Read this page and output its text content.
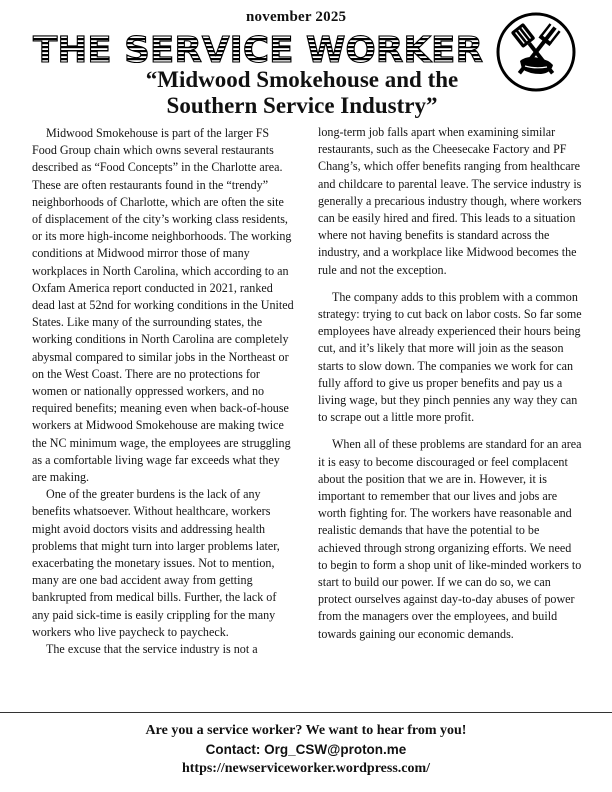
november 2025
THE SERVICE WORKER
“Midwood Smokehouse and the
Southern Service Industry”

Midwood Smokehouse is part of the larger FS Food Group chain which owns several restaurants described as “Food Concepts” in the Charlotte area. These are often restaurants found in the “trendy” neighborhoods of Charlotte, which are often the site of displacement of the city’s working class residents, or its more high-income neighborhoods. The working conditions at Midwood mirror those of many workplaces in North Carolina, which according to an Oxfam America report conducted in 2021, ranked dead last at 52nd for working conditions in the United States. Like many of the surrounding states, the working conditions in North Carolina are completely abysmal compared to similar jobs in the Northeast or on the West Coast. There are no protections for women or nationally oppressed workers, and no required benefits; meaning even when back-of-house workers at Midwood Smokehouse are making twice the NC minimum wage, the employees are struggling as a comfortable living wage far exceeds what they are making.

One of the greater burdens is the lack of any benefits whatsoever. Without healthcare, workers might avoid doctors visits and addressing health problems that might turn into larger problems later, exacerbating the monetary issues. Not to mention, many are one bad accident away from getting bankrupted from medical bills. Further, the lack of any paid sick-time is easily crippling for the many workers who live paycheck to paycheck.

The excuse that the service industry is not a

long-term job falls apart when examining similar restaurants, such as the Cheesecake Factory and PF Chang’s, which offer benefits ranging from healthcare and childcare to parental leave. The service industry is generally a precarious industry though, where workers can be easily hired and fired. This leads to a situation where not having benefits is standard across the industry, and a workplace like Midwood becomes the rule and not the exception.

The company adds to this problem with a common strategy: trying to cut back on labor costs. So far some employees have already experienced their hours being cut, and it’s likely that more will join as the season starts to slow down. The companies we work for can fully afford to give us proper benefits and pay us a living wage, but they pinch pennies any way they can to scrape out a little more profit.

When all of these problems are standard for an area it is easy to become discouraged or feel complacent about the position that we are in. However, it is important to remember that our lives and jobs are worth fighting for. The workers have reasonable and realistic demands that have the potential to be achieved through strong organizing efforts. We need to begin to form a shop unit of like-minded workers to start to build our power. If we can do so, we can protect ourselves against day-to-day abuses of power from the managers over the employees, and build towards gaining our economic demands.

Are you a service worker? We want to hear from you!
Contact: Org_CSW@proton.me
https://newserviceworker.wordpress.com/
